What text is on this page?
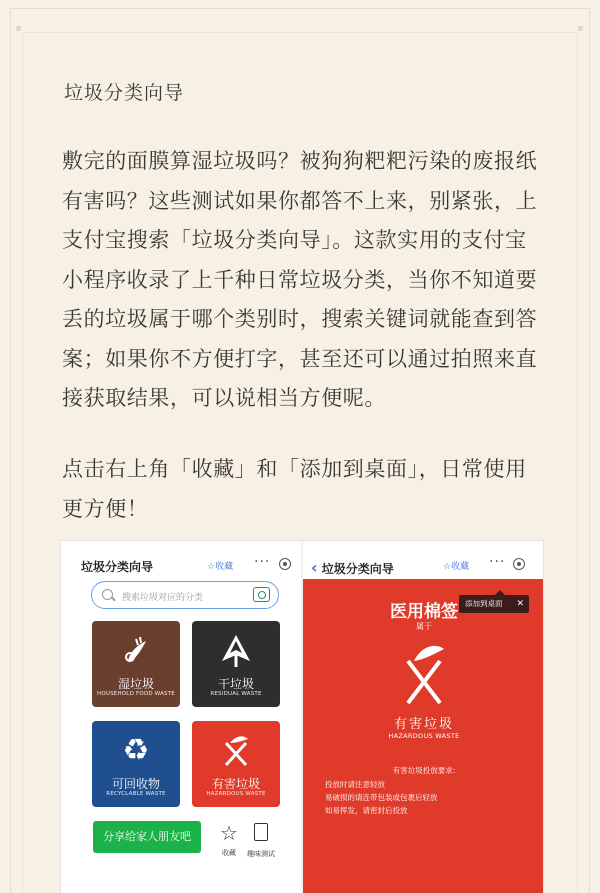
垃圾分类向导
敷完的面膜算湿垃圾吗？被狗狗粑粑污染的废报纸有害吗？这些测试如果你都答不上来，别紧张，上支付宝搜索「垃圾分类向导」。这款实用的支付宝小程序收录了上千种日常垃圾分类，当你不知道要丢的垃圾属于哪个类别时，搜索关键词就能查到答案；如果你不方便打字，甚至还可以通过拍照来直接获取结果，可以说相当方便呢。
点击右上角「收藏」和「添加到桌面」，日常使用更方便！
垃圾分类向导	☆收藏 ···
搜索垃圾对应的分类
湿垃圾
HOUSEHOLD FOOD WASTE
干垃圾
RESIDUAL WASTE
♻
可回收物
RECYCLABLE WASTE
有害垃圾
HAZARDOUS WASTE
分享给家人朋友吧	☆
收藏	趣味测试
‹ 垃圾分类向导	☆收藏 ···
医用棉签
属于
有害垃圾
HAZARDOUS WASTE
有害垃圾投放要求:
投放时请注意轻放
易破损的请连带包装或包裹后轻放
如易挥发，请密封后投放
添加到桌面 ✕
